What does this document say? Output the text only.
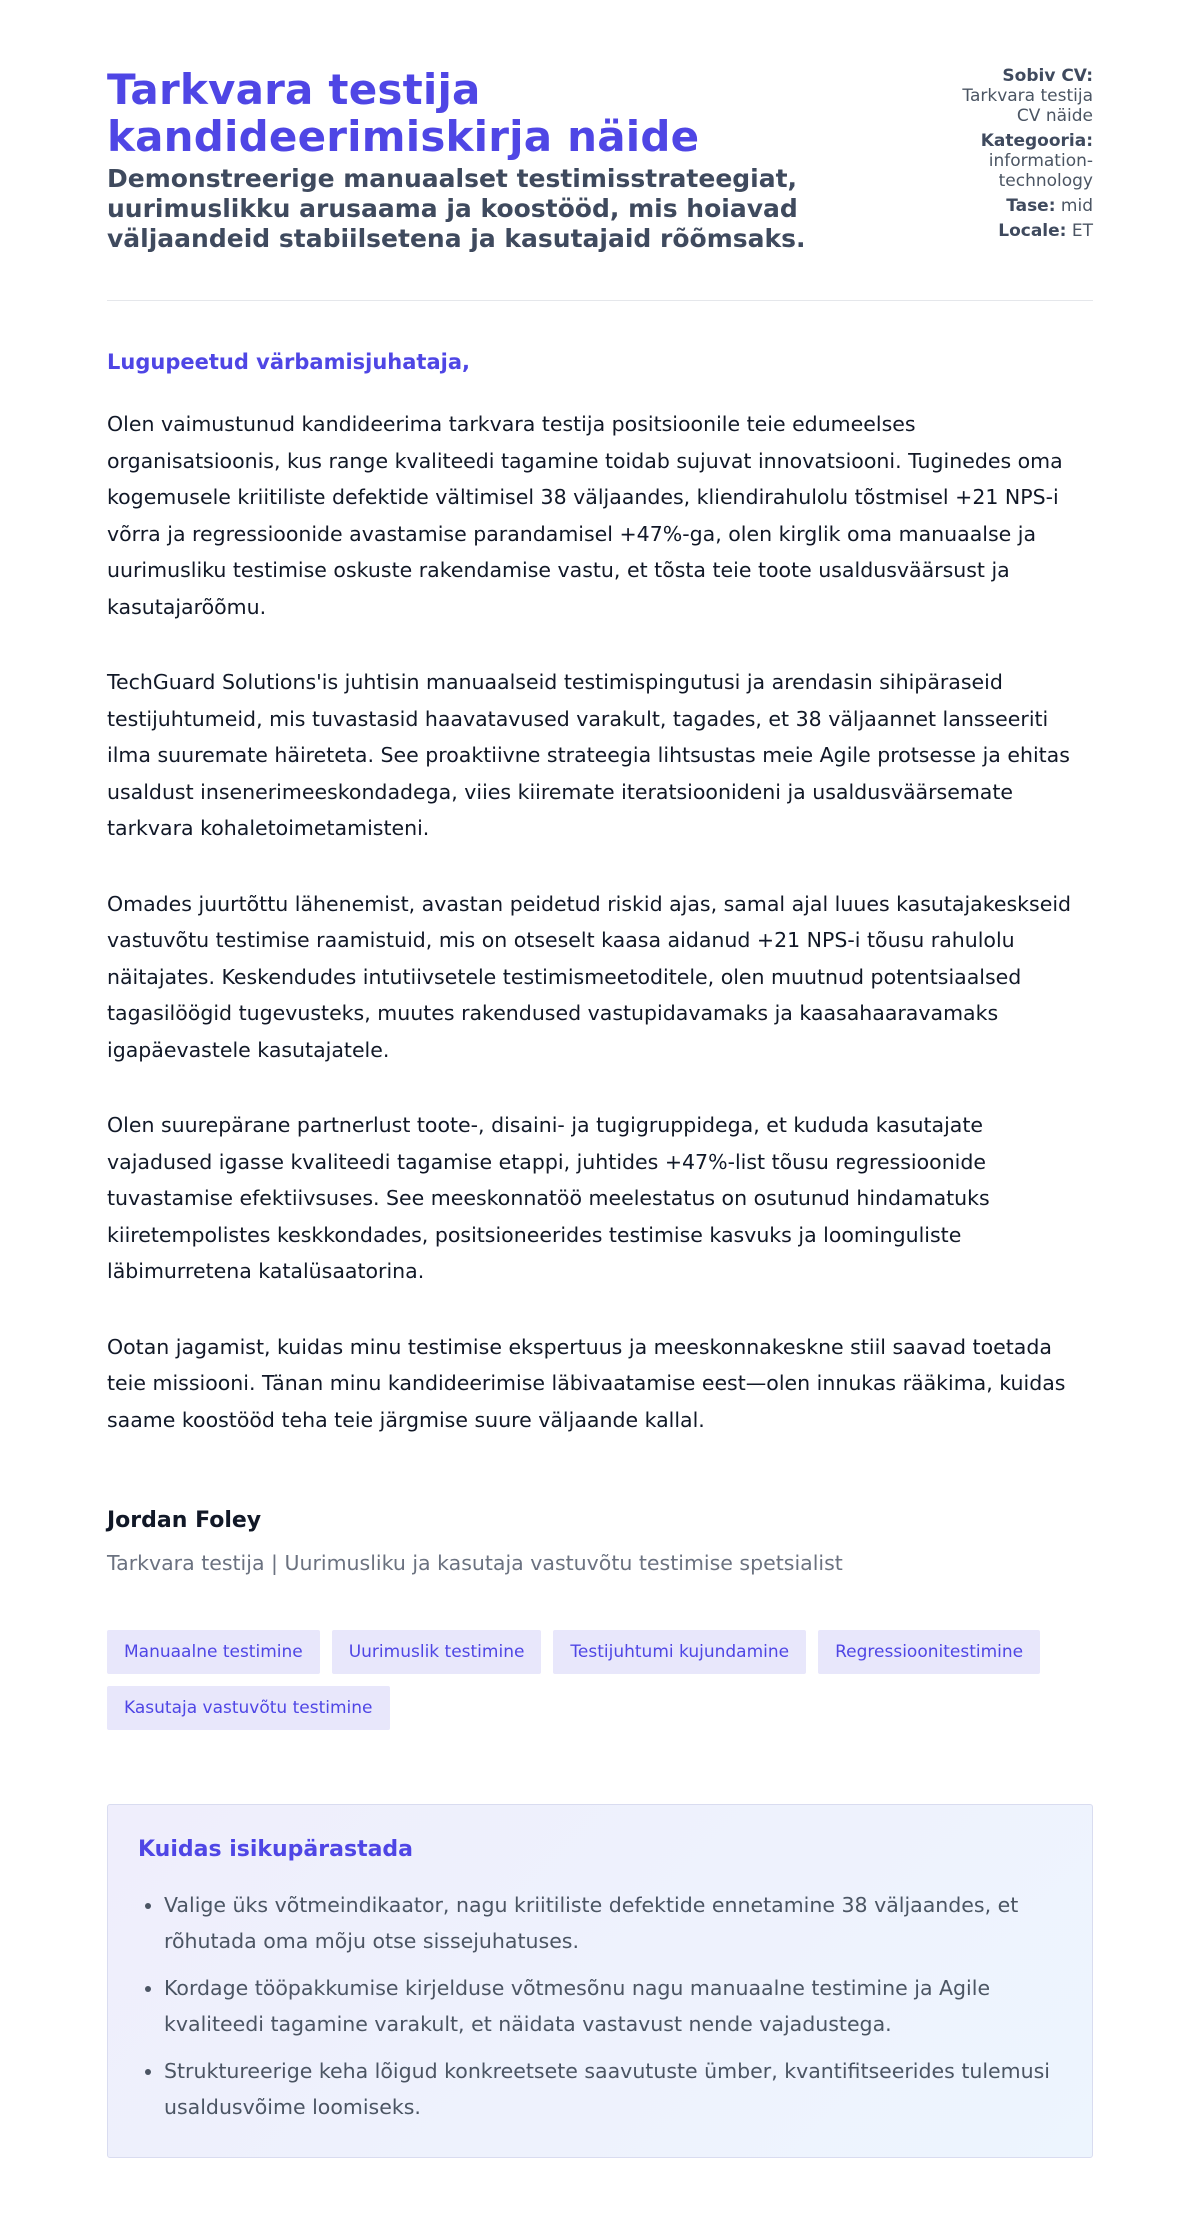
Tarkvara testija kandideerimiskirja näide
Demonstreerige manuaalset testimisstrateegiat, uurimuslikku arusaama ja koostööd, mis hoiavad väljaandeid stabiilsetena ja kasutajaid rõõmsaks.
Sobiv CV: Tarkvara testija CV näide
Kategooria: information-technology
Tase: mid
Locale: ET
Lugupeetud värbamisjuhataja,

Olen vaimustunud kandideerima tarkvara testija positsioonile teie edumeelses organisatsioonis, kus range kvaliteedi tagamine toidab sujuvat innovatsiooni. Tuginedes oma kogemusele kriitiliste defektide vältimisel 38 väljaandes, kliendirahulolu tõstmisel +21 NPS-i võrra ja regressioonide avastamise parandamisel +47%-ga, olen kirglik oma manuaalse ja uurimusliku testimise oskuste rakendamise vastu, et tõsta teie toote usaldusväärsust ja kasutajarõõmu.

TechGuard Solutions'is juhtisin manuaalseid testimispingutusi ja arendasin sihipäraseid testijuhtumeid, mis tuvastasid haavatavused varakult, tagades, et 38 väljaannet lansseeriti ilma suuremate häireteta. See proaktiivne strateegia lihtsustas meie Agile protsesse ja ehitas usaldust insenerimeeskondadega, viies kiiremate iteratsioonideni ja usaldusväärsemate tarkvara kohaletoimetamisteni.

Omades juurtõttu lähenemist, avastan peidetud riskid ajas, samal ajal luues kasutajakeskseid vastuvõtu testimise raamistuid, mis on otseselt kaasa aidanud +21 NPS-i tõusu rahulolu näitajates. Keskendudes intutiivsetele testimismeetoditele, olen muutnud potentsiaalsed tagasilöögid tugevusteks, muutes rakendused vastupidavamaks ja kaasahaaravamaks igapäevastele kasutajatele.

Olen suurepärane partnerlust toote-, disaini- ja tugigruppidega, et kududa kasutajate vajadused igasse kvaliteedi tagamise etappi, juhtides +47%-list tõusu regressioonide tuvastamise efektiivsuses. See meeskonnatöö meelestatus on osutunud hindamatuks kiiretempolistes keskkondades, positsioneerides testimise kasvuks ja loominguliste läbimurretena katalüsaatorina.

Ootan jagamist, kuidas minu testimise ekspertuus ja meeskonnakeskne stiil saavad toetada teie missiooni. Tänan minu kandideerimise läbivaatamise eest—olen innukas rääkima, kuidas saame koostööd teha teie järgmise suure väljaande kallal.

Jordan Foley
Tarkvara testija | Uurimusliku ja kasutaja vastuvõtu testimise spetsialist
Manuaalne testimine	Uurimuslik testimine	Testijuhtumi kujundamine	Regressioonitestimine
Kasutaja vastuvõtu testimine
Kuidas isikupärastada
• Valige üks võtmeindikaator, nagu kriitiliste defektide ennetamine 38 väljaandes, et rõhutada oma mõju otse sissejuhatuses.
• Kordage tööpakkumise kirjelduse võtmesõnu nagu manuaalne testimine ja Agile kvaliteedi tagamine varakult, et näidata vastavust nende vajadustega.
• Struktureerige keha lõigud konkreetsete saavutuste ümber, kvantifitseerides tulemusi usaldusvõime loomiseks.
